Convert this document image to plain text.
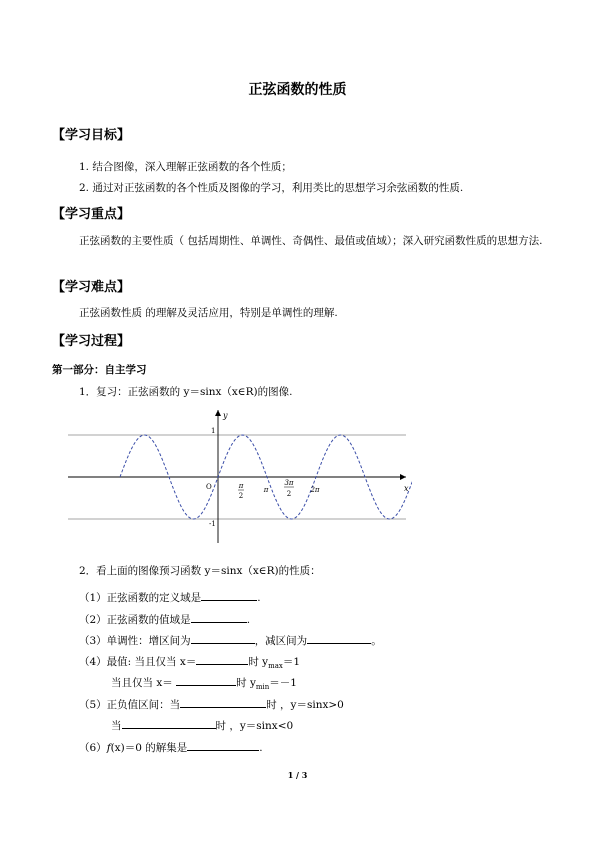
正弦函数的性质
【学习目标】
1. 结合图像，深入理解正弦函数的各个性质；
2. 通过对正弦函数的各个性质及图像的学习，利用类比的思想学习余弦函数的性质.
【学习重点】
正弦函数的主要性质（ 包括周期性、单调性、奇偶性、最值或值域）；深入研究函数性质的思想方法.
【学习难点】
正弦函数性质 的理解及灵活应用，特别是单调性的理解.
【学习过程】
第一部分：自主学习
1．复习：正弦函数的 y＝sinx（x∈R)的图像.
y
x
1
-1
O	π
2
π
3π
2	2π
2．看上面的图像预习函数 y＝sinx（x∈R)的性质：
（1）正弦函数的定义域是	.
（2）正弦函数的值域是	.
（3）单调性：增区间为	，减区间为	。
（4）最值: 当且仅当 x＝	时 $y_{max}=1$
当且仅当 x＝	时 $y_{min}=-1$
（5）正负值区间：当	时 ，y＝sinx>0
当	时 ，y＝sinx<0
（6）f(x)＝0 的解集是	.
1 / 3
